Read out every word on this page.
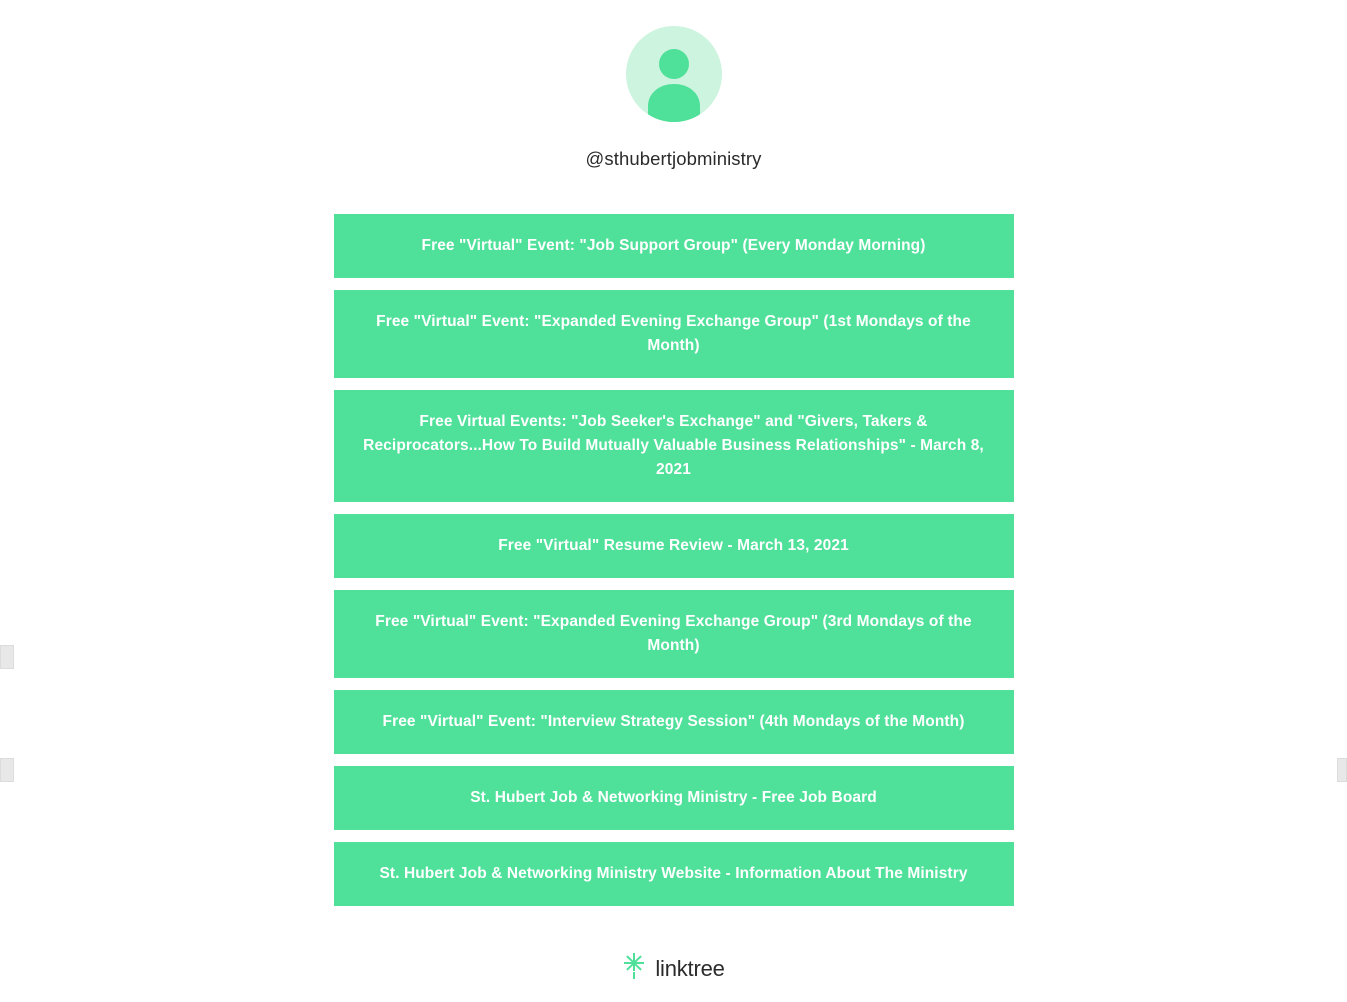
@sthubertjobministry
Free "Virtual" Event: "Job Support Group" (Every Monday Morning)
Free "Virtual" Event: "Expanded Evening Exchange Group" (1st Mondays of the Month)
Free Virtual Events: "Job Seeker's Exchange" and "Givers, Takers & Reciprocators...How To Build Mutually Valuable Business Relationships" - March 8, 2021
Free "Virtual" Resume Review - March 13, 2021
Free "Virtual" Event: "Expanded Evening Exchange Group" (3rd Mondays of the Month)
Free "Virtual" Event: "Interview Strategy Session" (4th Mondays of the Month)
St. Hubert Job & Networking Ministry - Free Job Board
St. Hubert Job & Networking Ministry Website - Information About The Ministry
linktree
